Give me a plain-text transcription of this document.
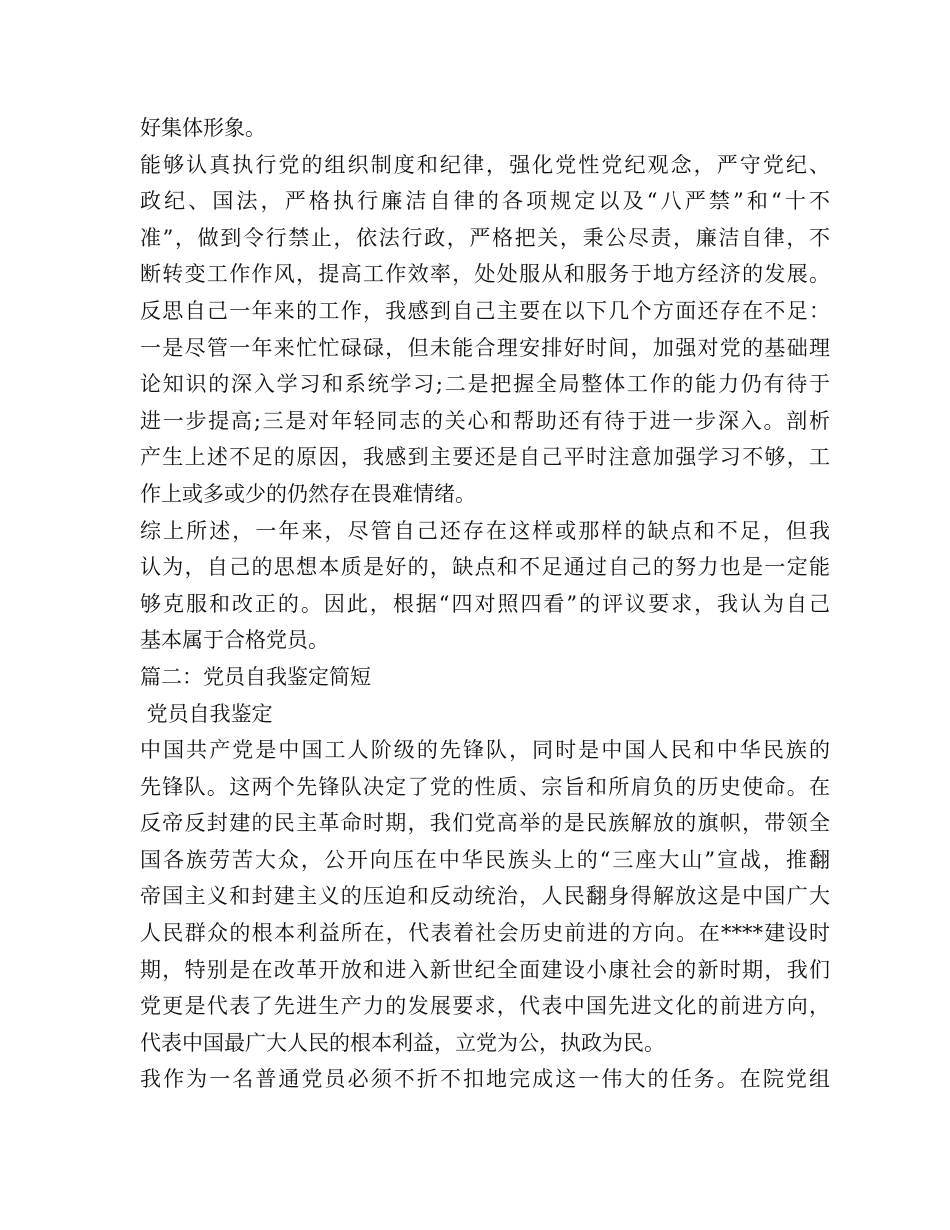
好集体形象。
能够认真执行党的组织制度和纪律，强化党性党纪观念，严守党纪、
政纪、国法，严格执行廉洁自律的各项规定以及“八严禁”和“十不
准”，做到令行禁止，依法行政，严格把关，秉公尽责，廉洁自律，不
断转变工作作风，提高工作效率，处处服从和服务于地方经济的发展。
反思自己一年来的工作，我感到自己主要在以下几个方面还存在不足：
一是尽管一年来忙忙碌碌，但未能合理安排好时间，加强对党的基础理
论知识的深入学习和系统学习;二是把握全局整体工作的能力仍有待于
进一步提高;三是对年轻同志的关心和帮助还有待于进一步深入。剖析
产生上述不足的原因，我感到主要还是自己平时注意加强学习不够，工
作上或多或少的仍然存在畏难情绪。
综上所述，一年来，尽管自己还存在这样或那样的缺点和不足，但我
认为，自己的思想本质是好的，缺点和不足通过自己的努力也是一定能
够克服和改正的。因此，根据“四对照四看”的评议要求，我认为自己
基本属于合格党员。
篇二：党员自我鉴定简短
党员自我鉴定
中国共产党是中国工人阶级的先锋队，同时是中国人民和中华民族的
先锋队。这两个先锋队决定了党的性质、宗旨和所肩负的历史使命。在
反帝反封建的民主革命时期，我们党高举的是民族解放的旗帜，带领全
国各族劳苦大众，公开向压在中华民族头上的“三座大山”宣战，推翻
帝国主义和封建主义的压迫和反动统治，人民翻身得解放这是中国广大
人民群众的根本利益所在，代表着社会历史前进的方向。在****建设时
期，特别是在改革开放和进入新世纪全面建设小康社会的新时期，我们
党更是代表了先进生产力的发展要求，代表中国先进文化的前进方向，
代表中国最广大人民的根本利益，立党为公，执政为民。
我作为一名普通党员必须不折不扣地完成这一伟大的任务。在院党组
